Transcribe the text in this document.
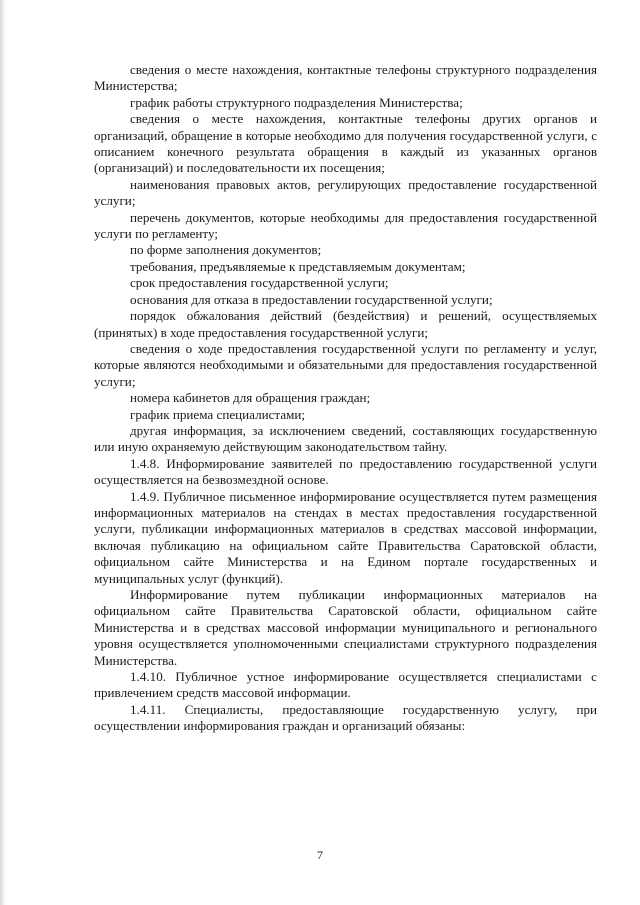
сведения о месте нахождения, контактные телефоны структурного подразделения Министерства;

график работы структурного подразделения Министерства;

сведения о месте нахождения, контактные телефоны других органов и организаций, обращение в которые необходимо для получения государственной услуги, с описанием конечного результата обращения в каждый из указанных органов (организаций) и последовательности их посещения;

наименования правовых актов, регулирующих предоставление государственной услуги;

перечень документов, которые необходимы для предоставления государственной услуги по регламенту;

по форме заполнения документов;

требования, предъявляемые к представляемым документам;

срок предоставления государственной услуги;

основания для отказа в предоставлении государственной услуги;

порядок обжалования действий (бездействия) и решений, осуществляемых (принятых) в ходе предоставления государственной услуги;

сведения о ходе предоставления государственной услуги по регламенту и услуг, которые являются необходимыми и обязательными для предоставления государственной услуги;

номера кабинетов для обращения граждан;

график приема специалистами;

другая информация, за исключением сведений, составляющих государственную или иную охраняемую действующим законодательством тайну.

1.4.8. Информирование заявителей по предоставлению государственной услуги осуществляется на безвозмездной основе.

1.4.9. Публичное письменное информирование осуществляется путем размещения информационных материалов на стендах в местах предоставления государственной услуги, публикации информационных материалов в средствах массовой информации, включая публикацию на официальном сайте Правительства Саратовской области, официальном сайте Министерства и на Едином портале государственных и муниципальных услуг (функций).

Информирование путем публикации информационных материалов на официальном сайте Правительства Саратовской области, официальном сайте Министерства и в средствах массовой информации муниципального и регионального уровня осуществляется уполномоченными специалистами структурного подразделения Министерства.

1.4.10. Публичное устное информирование осуществляется специалистами с привлечением средств массовой информации.

1.4.11. Специалисты, предоставляющие государственную услугу, при осуществлении информирования граждан и организаций обязаны:

7
